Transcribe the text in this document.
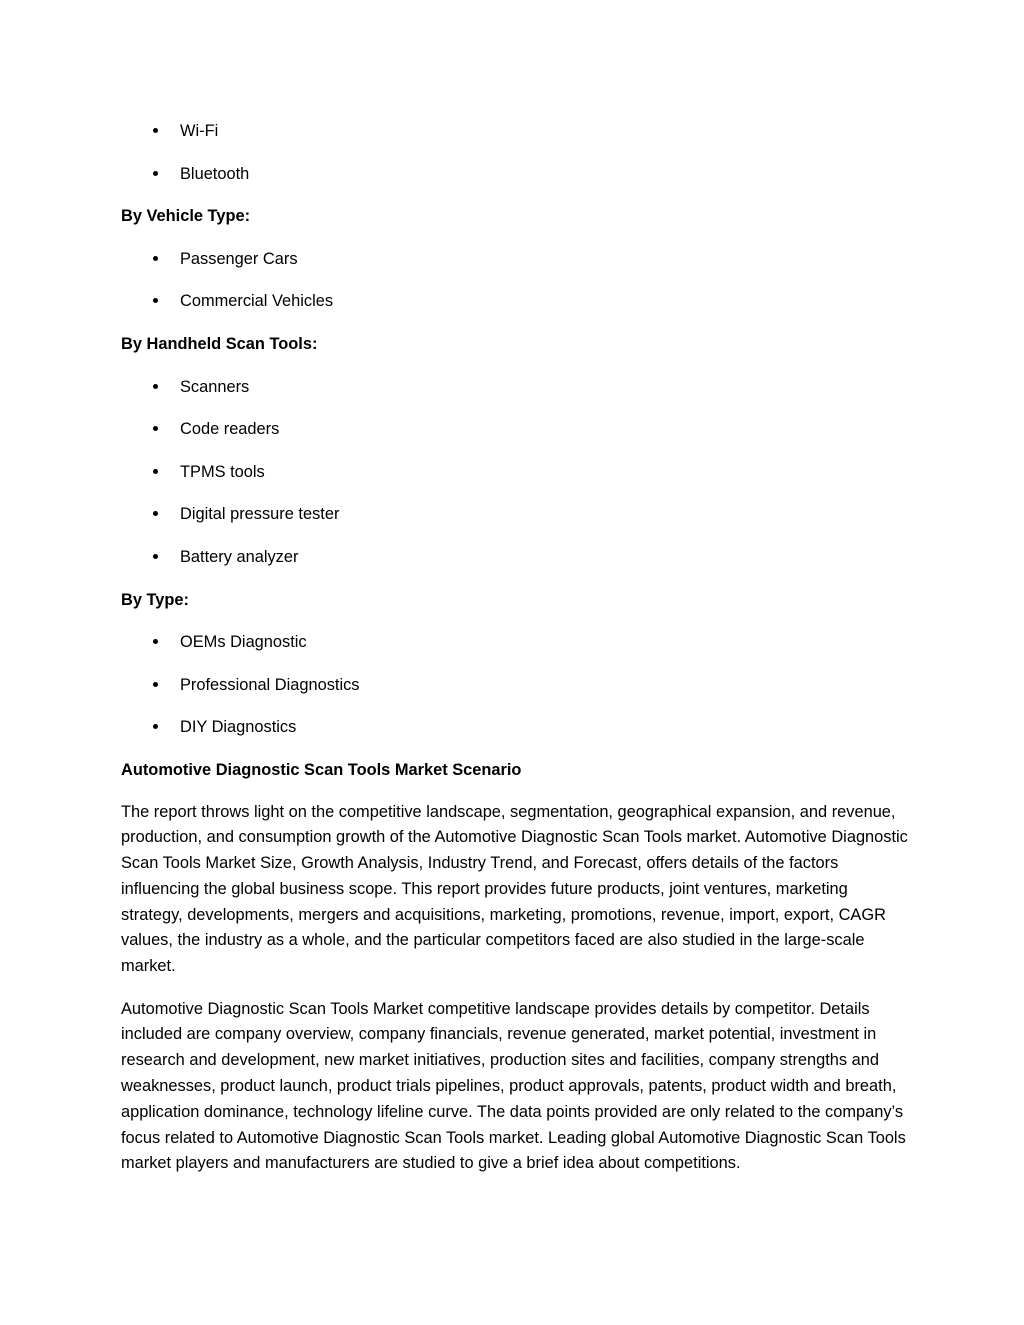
Wi-Fi
Bluetooth
By Vehicle Type:
Passenger Cars
Commercial Vehicles
By Handheld Scan Tools:
Scanners
Code readers
TPMS tools
Digital pressure tester
Battery analyzer
By Type:
OEMs Diagnostic
Professional Diagnostics
DIY Diagnostics
Automotive Diagnostic Scan Tools Market Scenario

The report throws light on the competitive landscape, segmentation, geographical expansion, and revenue, production, and consumption growth of the Automotive Diagnostic Scan Tools market. Automotive Diagnostic Scan Tools Market Size, Growth Analysis, Industry Trend, and Forecast, offers details of the factors influencing the global business scope. This report provides future products, joint ventures, marketing strategy, developments, mergers and acquisitions, marketing, promotions, revenue, import, export, CAGR values, the industry as a whole, and the particular competitors faced are also studied in the large-scale market.

Automotive Diagnostic Scan Tools Market competitive landscape provides details by competitor. Details included are company overview, company financials, revenue generated, market potential, investment in research and development, new market initiatives, production sites and facilities, company strengths and weaknesses, product launch, product trials pipelines, product approvals, patents, product width and breath, application dominance, technology lifeline curve. The data points provided are only related to the company’s focus related to Automotive Diagnostic Scan Tools market. Leading global Automotive Diagnostic Scan Tools market players and manufacturers are studied to give a brief idea about competitions.
